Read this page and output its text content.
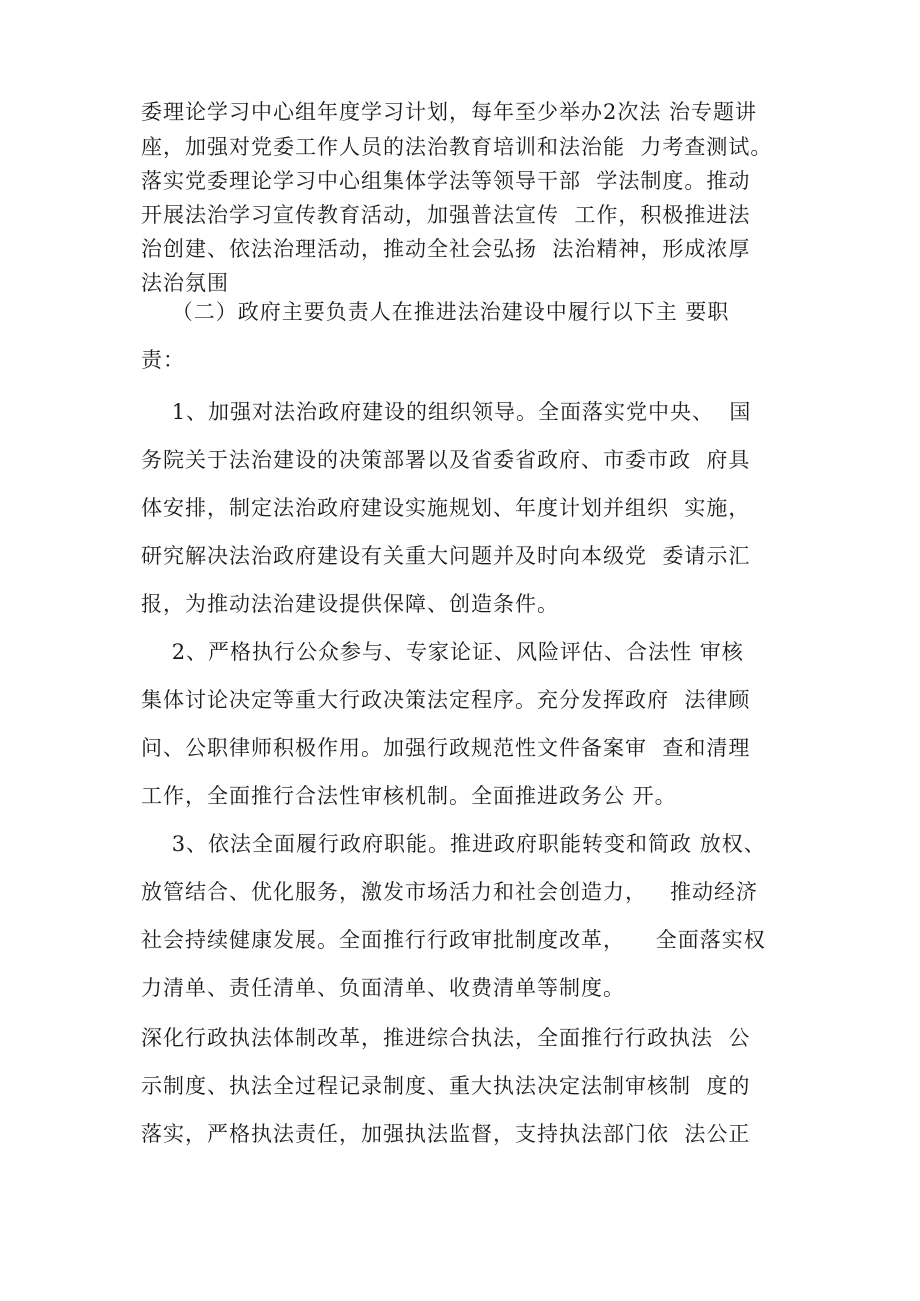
委理论学习中心组年度学习计划，每年至少举办2次法 治专题讲
座，加强对党委工作人员的法治教育培训和法治能  力考查测试。
落实党委理论学习中心组集体学法等领导干部  学法制度。推动
开展法治学习宣传教育活动，加强普法宣传  工作，积极推进法
治创建、依法治理活动，推动全社会弘扬  法治精神，形成浓厚
法治氛围
（二）政府主要负责人在推进法治建设中履行以下主 要职
责：
1、加强对法治政府建设的组织领导。全面落实党中央、  国
务院关于法治建设的决策部署以及省委省政府、市委市政  府具
体安排，制定法治政府建设实施规划、年度计划并组织  实施，
研究解决法治政府建设有关重大问题并及时向本级党  委请示汇
报，为推动法治建设提供保障、创造条件。
2、严格执行公众参与、专家论证、风险评估、合法性 审核
集体讨论决定等重大行政决策法定程序。充分发挥政府  法律顾
问、公职律师积极作用。加强行政规范性文件备案审  查和清理
工作，全面推行合法性审核机制。全面推进政务公 开。
3、依法全面履行政府职能。推进政府职能转变和简政 放权、
放管结合、优化服务，激发市场活力和社会创造力，   推动经济
社会持续健康发展。全面推行行政审批制度改革，    全面落实权
力清单、责任清单、负面清单、收费清单等制度。
深化行政执法体制改革，推进综合执法，全面推行行政执法  公
示制度、执法全过程记录制度、重大执法决定法制审核制  度的
落实，严格执法责任，加强执法监督，支持执法部门依  法公正
